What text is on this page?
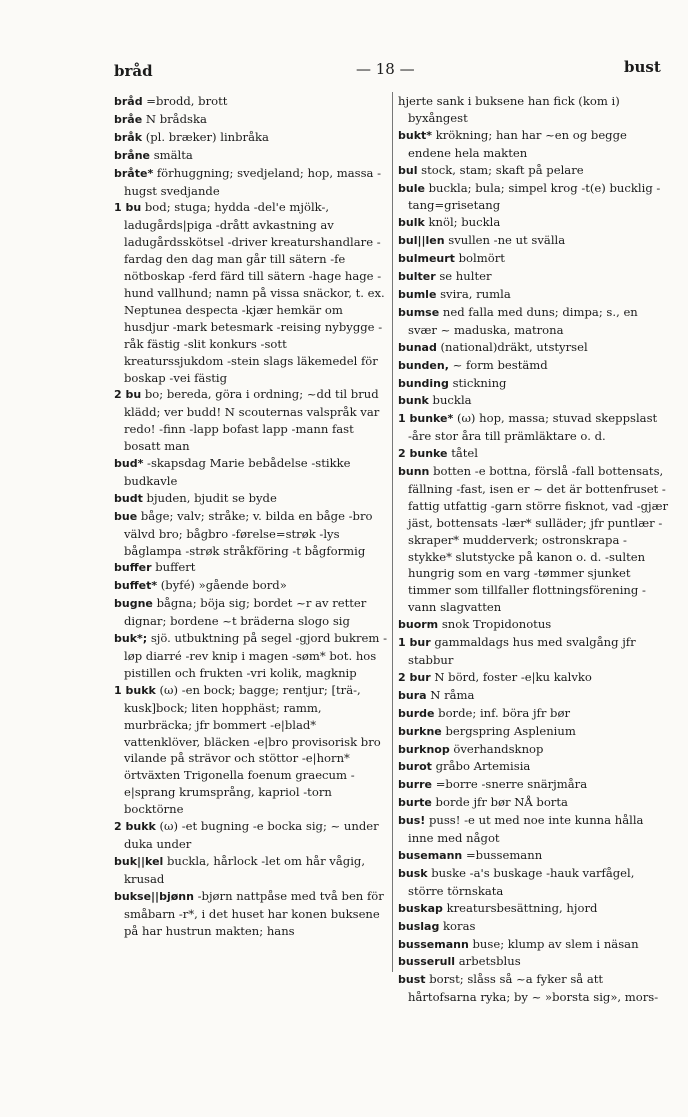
bråd	— 18 —	bust

bråd =brodd, brott

bråe N brådska

bråk (pl. bræker) linbråka

bråne smälta

bråte* förhuggning; svedjeland; hop, massa -hugst svedjande

1 bu bod; stuga; hydda -del'e mjölk-, ladugårds|piga -drått avkastning av ladugårdsskötsel -driver kreaturshandlare -fardag den dag man går till sätern -fe nötboskap -ferd färd till sätern -hage hage -hund vallhund; namn på vissa snäckor, t. ex. Neptunea despecta -kjær hemkär om husdjur -mark betesmark -reising nybygge -råk fästig -slit konkurs -sott kreaturssjukdom -stein slags läkemedel för boskap -vei fästig

2 bu bo; bereda, göra i ordning; ~dd til brud klädd; ver budd! N scouternas valspråk var redo! -finn -lapp bofast lapp -mann fast bosatt man

bud* -skapsdag Marie bebådelse -stikke budkavle

budt bjuden, bjudit se byde

bue båge; valv; stråke; v. bilda en båge -bro välvd bro; bågbro -førelse=strøk -lys båglampa -strøk stråkföring -t bågformig

buffer buffert

buffet* (byfé) »gående bord»

bugne bågna; böja sig; bordet ~r av retter dignar; bordene ~t bräderna slogo sig

buk*; sjö. utbuktning på segel -gjord bukrem -løp diarré -rev knip i magen -søm* bot. hos pistillen och frukten -vri kolik, magknip

1 bukk (ω) -en bock; bagge; rentjur; [trä-, kusk]bock; liten hopphäst; ramm, murbräcka; jfr bommert -e|blad* vattenklöver, bläcken -e|bro provisorisk bro vilande på strävor och stöttor -e|horn* örtväxten Trigonella foenum graecum -e|sprang krumsprång, kapriol -torn bocktörne

2 bukk (ω) -et bugning -e bocka sig; ~ under duka under

buk||kel buckla, hårlock -let om hår vågig, krusad

bukse||bjønn -bjørn nattpåse med två ben för småbarn -r*, i det huset har konen buksene på har hustrun makten; hans

hjerte sank i buksene han fick (kom i) byxångest

bukt* krökning; han har ~en og begge endene hela makten

bul stock, stam; skaft på pelare

bule buckla; bula; simpel krog -t(e) bucklig -tang=grisetang

bulk knöl; buckla

bul||len svullen -ne ut svälla

bulmeurt bolmört

bulter se hulter

bumle svira, rumla

bumse ned falla med duns; dimpa; s., en svær ~ maduska, matrona

bunad (national)dräkt, utstyrsel

bunden, ~ form bestämd

bunding stickning

bunk buckla

1 bunke* (ω) hop, massa; stuvad skeppslast -åre stor åra till prämläktare o. d.

2 bunke tåtel

bunn botten -e bottna, förslå -fall bottensats, fällning -fast, isen er ~ det är bottenfruset -fattig utfattig -garn större fisknot, vad -gjær jäst, bottensats -lær* sulläder; jfr puntlær -skraper* mudderverk; ostronskrapa -stykke* slutstycke på kanon o. d. -sulten hungrig som en varg -tømmer sjunket timmer som tillfaller flottningsförening -vann slagvatten

buorm snok Tropidonotus

1 bur gammaldags hus med svalgång jfr stabbur

2 bur N börd, foster -e|ku kalvko

bura N råma

burde borde; inf. böra jfr bør

burkne bergspring Asplenium

burknop överhandsknop

burot gråbo Artemisia

burre =borre -snerre snärjmåra

burte borde jfr bør NÅ borta

bus! puss! -e ut med noe inte kunna hålla inne med något

busemann =bussemann

busk buske -a's buskage -hauk varfågel, större törnskata

buskap kreatursbesättning, hjord

buslag koras

bussemann buse; klump av slem i näsan

busserull arbetsblus

bust borst; slåss så ~a fyker så att hårtofsarna ryka; by ~ »borsta sig», mors-
